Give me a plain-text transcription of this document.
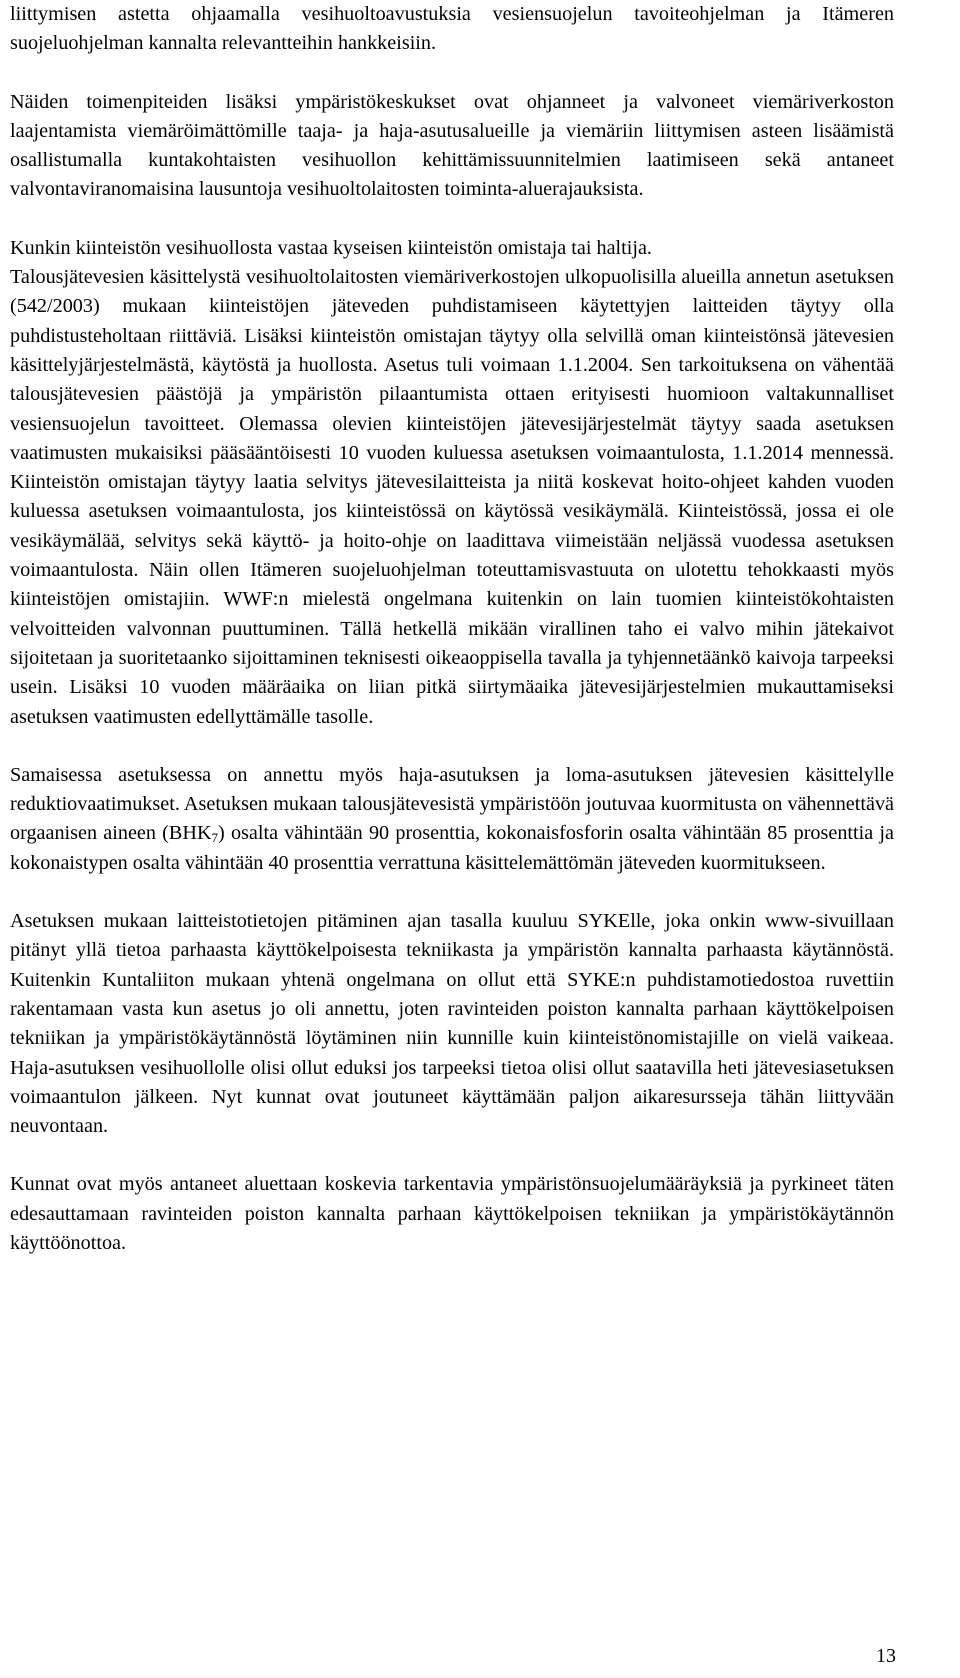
liittymisen astetta ohjaamalla vesihuoltoavustuksia vesiensuojelun tavoiteohjelman ja Itämeren suojeluohjelman kannalta relevantteihin hankkeisiin.

Näiden toimenpiteiden lisäksi ympäristökeskukset ovat ohjanneet ja valvoneet viemäriverkoston laajentamista viemäröimättömille taaja- ja haja-asutusalueille ja viemäriin liittymisen asteen lisäämistä osallistumalla kuntakohtaisten vesihuollon kehittämissuunnitelmien laatimiseen sekä antaneet valvontaviranomaisina lausuntoja vesihuoltolaitosten toiminta-aluerajauksista.

Kunkin kiinteistön vesihuollosta vastaa kyseisen kiinteistön omistaja tai haltija.

Talousjätevesien käsittelystä vesihuoltolaitosten viemäriverkostojen ulkopuolisilla alueilla annetun asetuksen (542/2003) mukaan kiinteistöjen jäteveden puhdistamiseen käytettyjen laitteiden täytyy olla puhdistusteholtaan riittäviä. Lisäksi kiinteistön omistajan täytyy olla selvillä oman kiinteistönsä jätevesien käsittelyjärjestelmästä, käytöstä ja huollosta. Asetus tuli voimaan 1.1.2004. Sen tarkoituksena on vähentää talousjätevesien päästöjä ja ympäristön pilaantumista ottaen erityisesti huomioon valtakunnalliset vesiensuojelun tavoitteet. Olemassa olevien kiinteistöjen jätevesijärjestelmät täytyy saada asetuksen vaatimusten mukaisiksi pääsääntöisesti 10 vuoden kuluessa asetuksen voimaantulosta, 1.1.2014 mennessä. Kiinteistön omistajan täytyy laatia selvitys jätevesilaitteista ja niitä koskevat hoito-ohjeet kahden vuoden kuluessa asetuksen voimaantulosta, jos kiinteistössä on käytössä vesikäymälä. Kiinteistössä, jossa ei ole vesikäymälää, selvitys sekä käyttö- ja hoito-ohje on laadittava viimeistään neljässä vuodessa asetuksen voimaantulosta. Näin ollen Itämeren suojeluohjelman toteuttamisvastuuta on ulotettu tehokkaasti myös kiinteistöjen omistajiin. WWF:n mielestä ongelmana kuitenkin on lain tuomien kiinteistökohtaisten velvoitteiden valvonnan puuttuminen. Tällä hetkellä mikään virallinen taho ei valvo mihin jätekaivot sijoitetaan ja suoritetaanko sijoittaminen teknisesti oikeaoppisella tavalla ja tyhjennetäänkö kaivoja tarpeeksi usein. Lisäksi 10 vuoden määräaika on liian pitkä siirtymäaika jätevesijärjestelmien mukauttamiseksi asetuksen vaatimusten edellyttämälle tasolle.

Samaisessa asetuksessa on annettu myös haja-asutuksen ja loma-asutuksen jätevesien käsittelylle reduktiovaatimukset. Asetuksen mukaan talousjätevesistä ympäristöön joutuvaa kuormitusta on vähennettävä orgaanisen aineen $(BHK_7)$ osalta vähintään 90 prosenttia, kokonaisfosforin osalta vähintään 85 prosenttia ja kokonaistypen osalta vähintään 40 prosenttia verrattuna käsittelemättömän jäteveden kuormitukseen.

Asetuksen mukaan laitteistotietojen pitäminen ajan tasalla kuuluu SYKElle, joka onkin www-sivuillaan pitänyt yllä tietoa parhaasta käyttökelpoisesta tekniikasta ja ympäristön kannalta parhaasta käytännöstä. Kuitenkin Kuntaliiton mukaan yhtenä ongelmana on ollut että SYKE:n puhdistamotiedostoa ruvettiin rakentamaan vasta kun asetus jo oli annettu, joten ravinteiden poiston kannalta parhaan käyttökelpoisen tekniikan ja ympäristökäytännöstä löytäminen niin kunnille kuin kiinteistönomistajille on vielä vaikeaa. Haja-asutuksen vesihuollolle olisi ollut eduksi jos tarpeeksi tietoa olisi ollut saatavilla heti jätevesiasetuksen voimaantulon jälkeen. Nyt kunnat ovat joutuneet käyttämään paljon aikaresursseja tähän liittyvään neuvontaan.

Kunnat ovat myös antaneet aluettaan koskevia tarkentavia ympäristönsuojelumääräyksiä ja pyrkineet täten edesauttamaan ravinteiden poiston kannalta parhaan käyttökelpoisen tekniikan ja ympäristökäytännön käyttöönottoa.

13
